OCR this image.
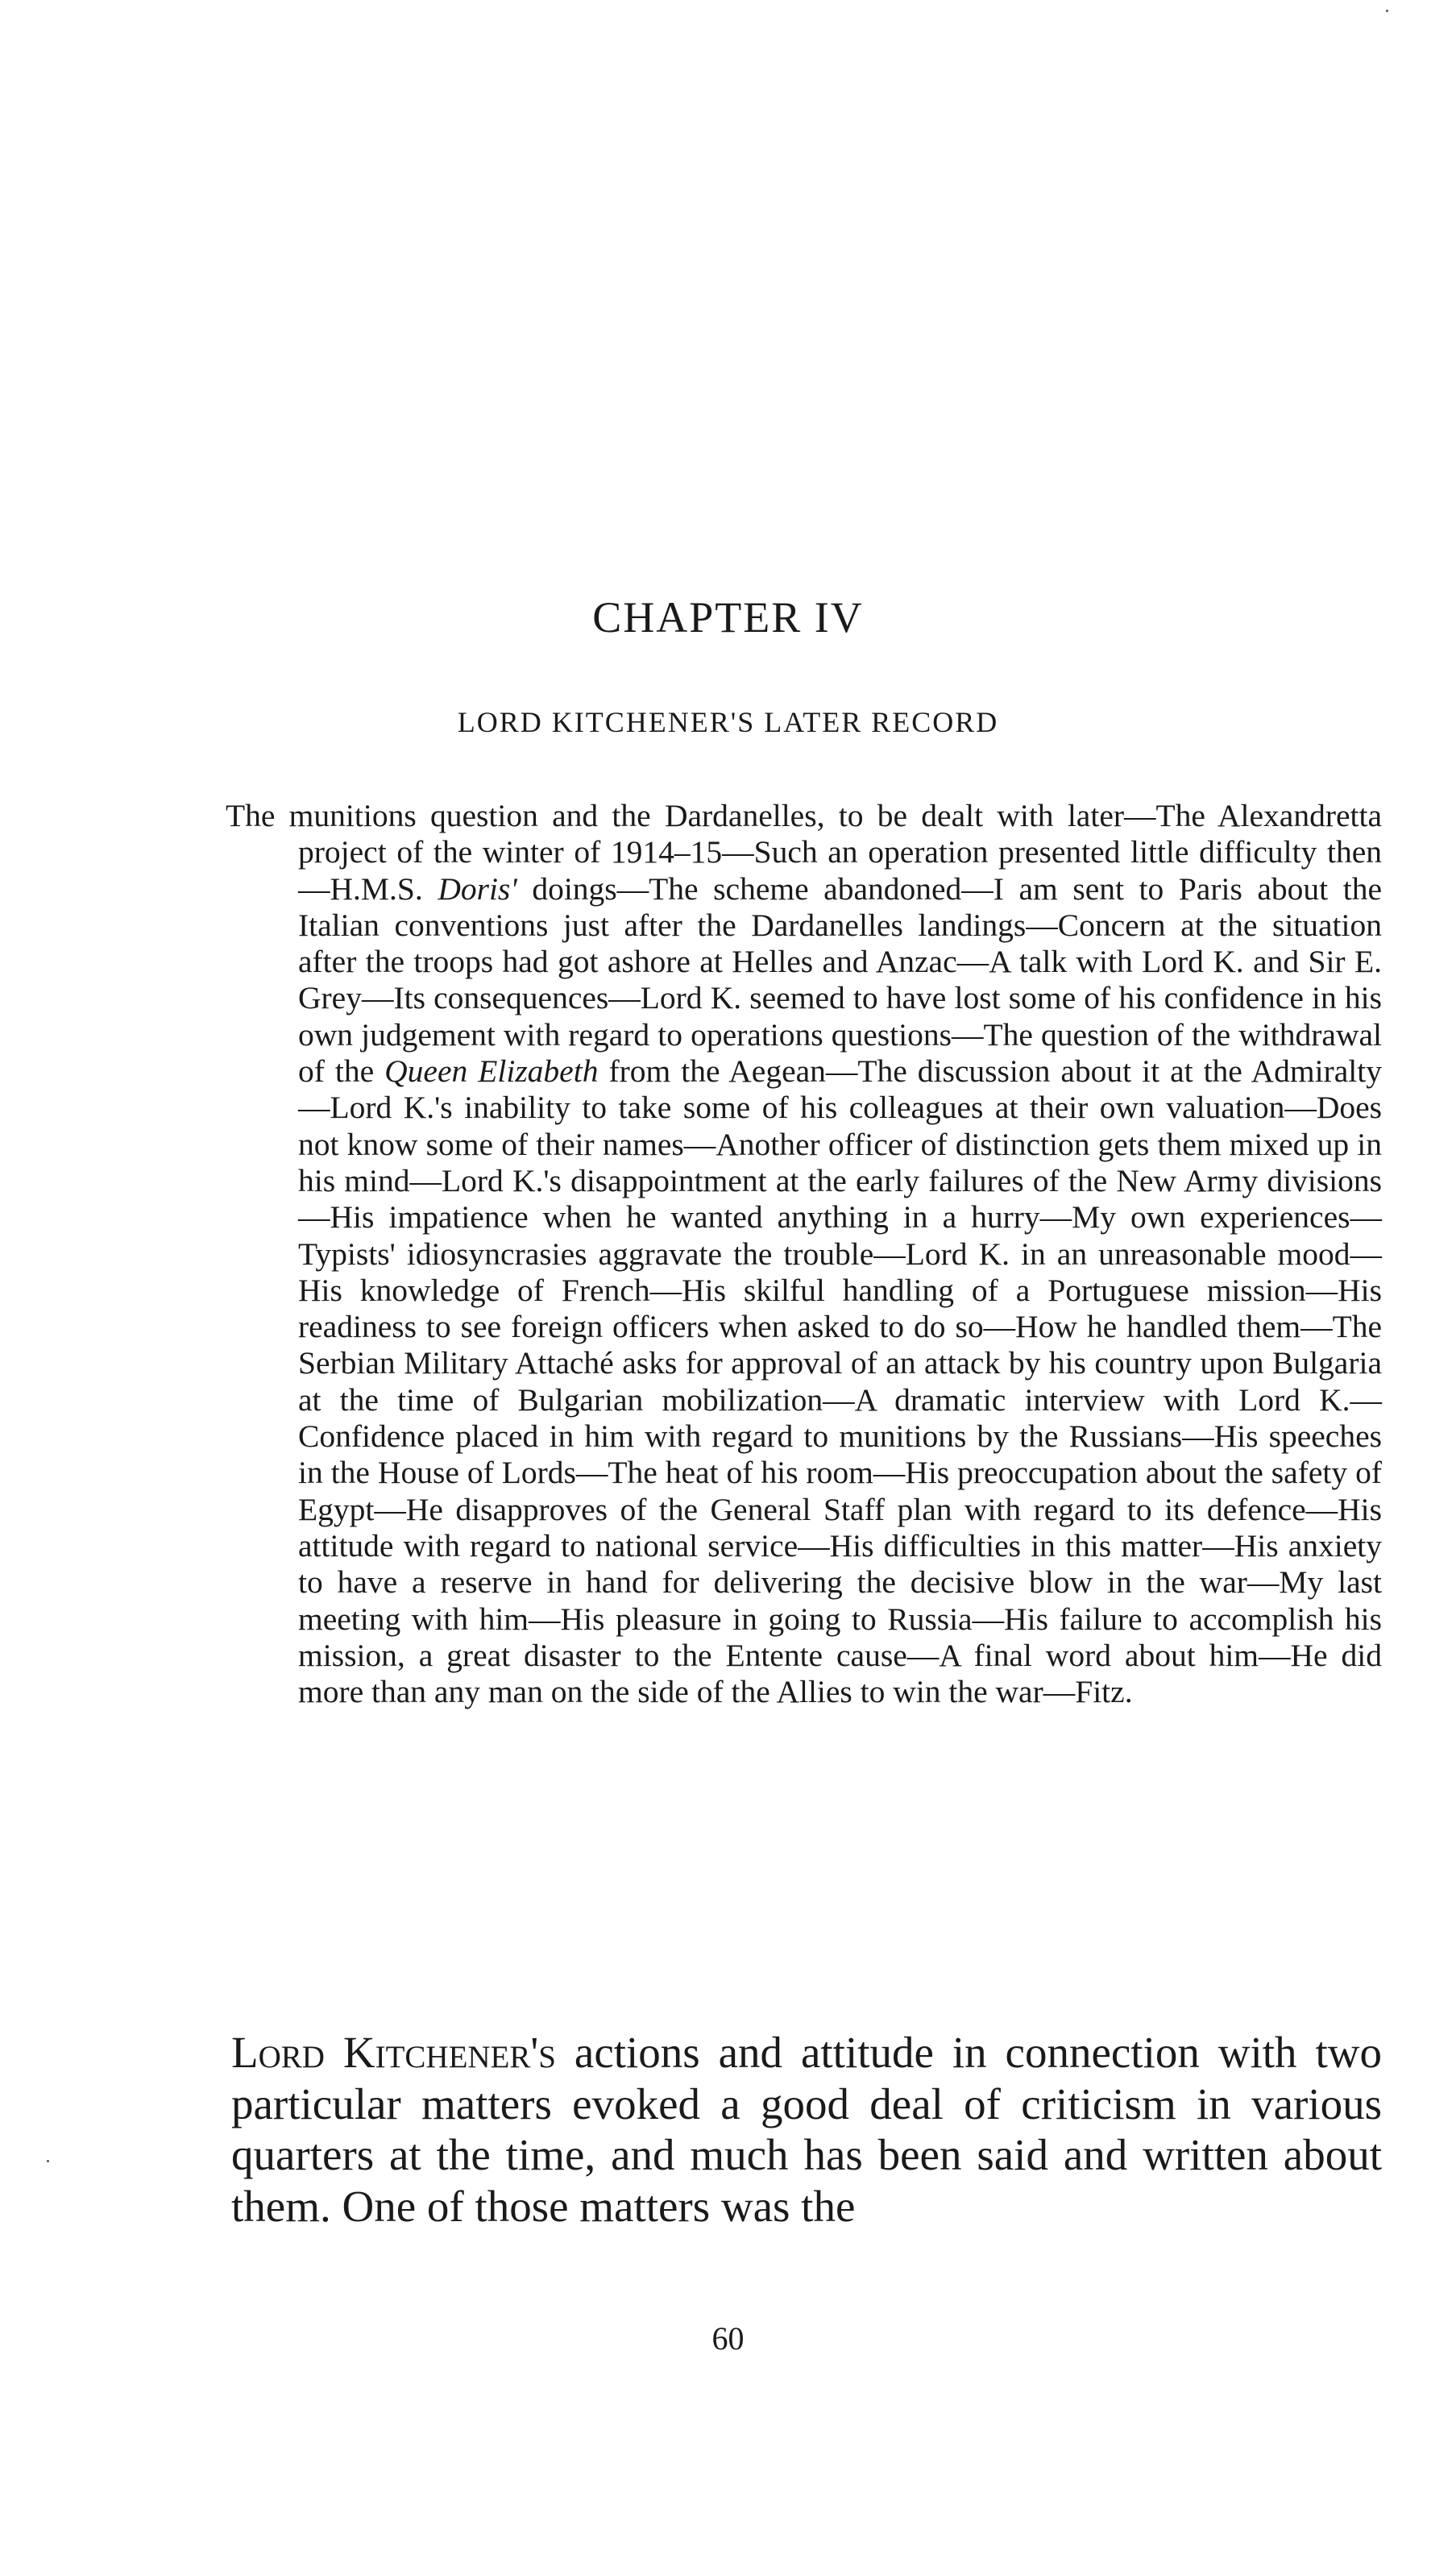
CHAPTER IV
LORD KITCHENER'S LATER RECORD

The munitions question and the Dardanelles, to be dealt with later—The Alexandretta project of the winter of 1914–15—Such an operation presented little difficulty then—H.M.S. Doris' doings—The scheme abandoned—I am sent to Paris about the Italian conventions just after the Dardanelles landings—Concern at the situation after the troops had got ashore at Helles and Anzac—A talk with Lord K. and Sir E. Grey—Its consequences—Lord K. seemed to have lost some of his confidence in his own judgement with regard to operations questions—The question of the withdrawal of the Queen Elizabeth from the Aegean—The discussion about it at the Admiralty—Lord K.'s inability to take some of his colleagues at their own valuation—Does not know some of their names—Another officer of distinction gets them mixed up in his mind—Lord K.'s disappointment at the early failures of the New Army divisions—His impatience when he wanted anything in a hurry—My own experiences—Typists' idiosyncrasies aggravate the trouble—Lord K. in an unreasonable mood—His knowledge of French—His skilful handling of a Portuguese mission—His readiness to see foreign officers when asked to do so—How he handled them—The Serbian Military Attaché asks for approval of an attack by his country upon Bulgaria at the time of Bulgarian mobilization—A dramatic interview with Lord K.—Confidence placed in him with regard to munitions by the Russians—His speeches in the House of Lords—The heat of his room—His preoccupation about the safety of Egypt—He disapproves of the General Staff plan with regard to its defence—His attitude with regard to national service—His difficulties in this matter—His anxiety to have a reserve in hand for delivering the decisive blow in the war—My last meeting with him—His pleasure in going to Russia—His failure to accomplish his mission, a great disaster to the Entente cause—A final word about him—He did more than any man on the side of the Allies to win the war—Fitz.

Lord Kitchener's actions and attitude in connection with two particular matters evoked a good deal of criticism in various quarters at the time, and much has been said and written about them. One of those matters was the

60
